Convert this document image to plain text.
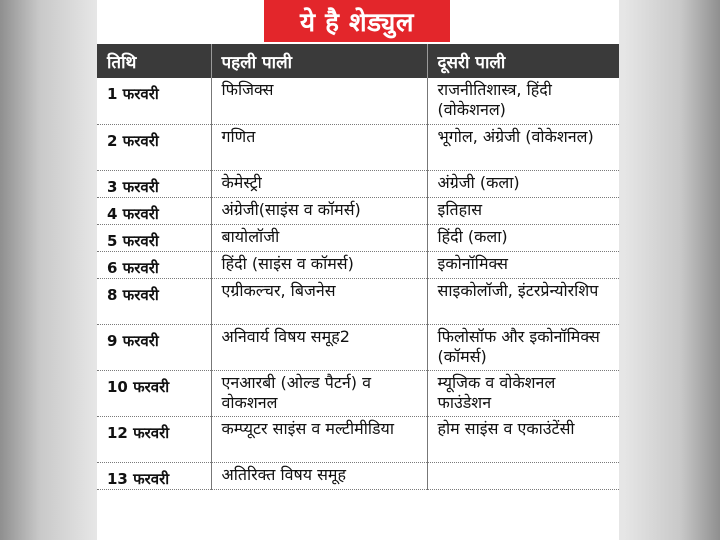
ये है शेड्युल
तिथि	पहली पाली	दूसरी पाली
1 फरवरी	फिजिक्स	राजनीतिशास्त्र, हिंदी (वोकेशनल)
2 फरवरी	गणित	भूगोल, अंग्रेजी (वोकेशनल)
3 फरवरी	केमेस्ट्री	अंग्रेजी (कला)
4 फरवरी	अंग्रेजी(साइंस व कॉमर्स)	इतिहास
5 फरवरी	बायोलॉजी	हिंदी (कला)
6 फरवरी	हिंदी (साइंस व कॉमर्स)	इकोनॉमिक्स
8 फरवरी	एग्रीकल्चर, बिजनेस	साइकोलॉजी, इंटरप्रेन्योरशिप
9 फरवरी	अनिवार्य विषय समूह2	फिलोसॉफ और इकोनॉमिक्स (कॉमर्स)
10 फरवरी	एनआरबी (ओल्ड पैटर्न) व वोकशनल	म्यूजिक व वोकेशनल फाउंडेशन
12 फरवरी	कम्प्यूटर साइंस व मल्टीमीडिया	होम साइंस व एकाउंटेंसी
13 फरवरी	अतिरिक्त विषय समूह	
